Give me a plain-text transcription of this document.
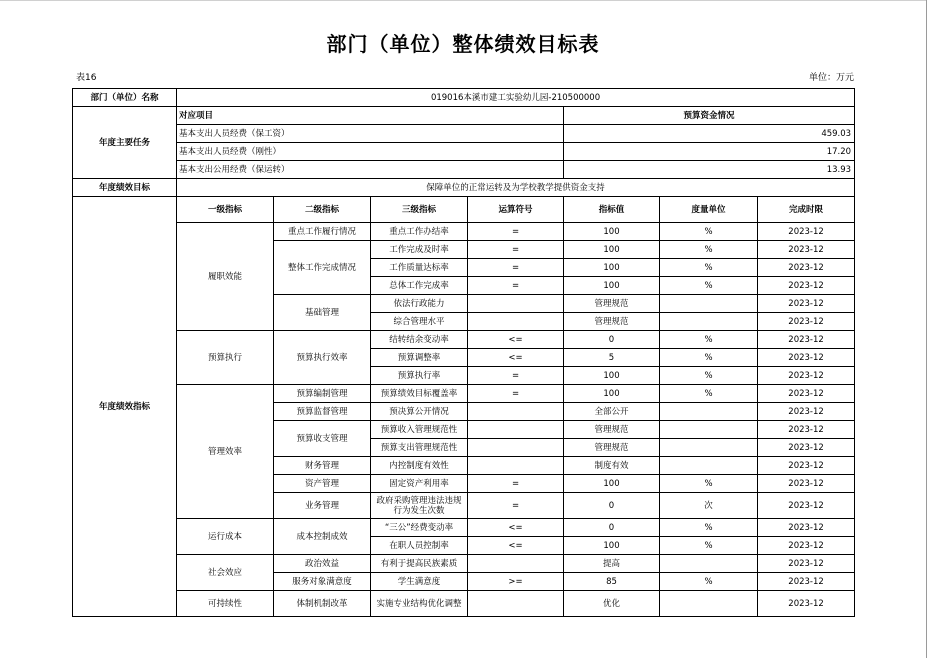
部门（单位）整体绩效目标表
表16	单位：万元
部门（单位）名称	019016本溪市建工实验幼儿园-210500000						
年度主要任务	对应项目				预算资金情况		
	基本支出人员经费（保工资）				459.03		
	基本支出人员经费（刚性）				17.20		
	基本支出公用经费（保运转）				13.93		
年度绩效目标	保障单位的正常运转及为学校教学提供资金支持						
年度绩效指标	一级指标	二级指标	三级指标	运算符号	指标值	度量单位	完成时限
	履职效能	重点工作履行情况	重点工作办结率	=	100	%	2023-12
		整体工作完成情况	工作完成及时率	=	100	%	2023-12
			工作质量达标率	=	100	%	2023-12
			总体工作完成率	=	100	%	2023-12
		基础管理	依法行政能力		管理规范		2023-12
			综合管理水平		管理规范		2023-12
	预算执行	预算执行效率	结转结余变动率	<=	0	%	2023-12
			预算调整率	<=	5	%	2023-12
			预算执行率	=	100	%	2023-12
	管理效率	预算编制管理	预算绩效目标覆盖率	=	100	%	2023-12
		预算监督管理	预决算公开情况		全部公开		2023-12
		预算收支管理	预算收入管理规范性		管理规范		2023-12
			预算支出管理规范性		管理规范		2023-12
		财务管理	内控制度有效性		制度有效		2023-12
		资产管理	固定资产利用率	=	100	%	2023-12
		业务管理	政府采购管理违法违规行为发生次数	=	0	次	2023-12
	运行成本	成本控制成效	“三公”经费变动率	<=	0	%	2023-12
			在职人员控制率	<=	100	%	2023-12
	社会效应	政治效益	有利于提高民族素质		提高		2023-12
		服务对象满意度	学生满意度	>=	85	%	2023-12
	可持续性	体制机制改革	实施专业结构优化调整		优化		2023-12
